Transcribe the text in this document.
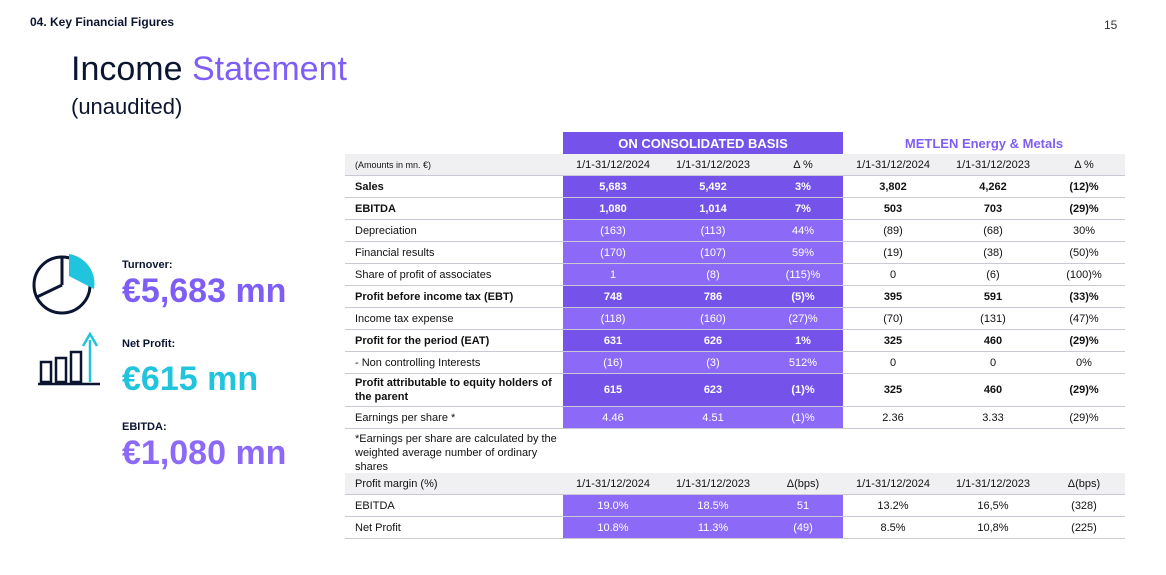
04. Key Financial Figures	15
Income Statement
(unaudited)
Turnover:
€5,683 mn
Net Profit:
€615 mn
EBITDA:
€1,080 mn
ON CONSOLIDATED BASIS	METLEN Energy & Metals
(Amounts in mn. €)	1/1-31/12/2024	1/1-31/12/2023	Δ %	1/1-31/12/2024	1/1-31/12/2023	Δ %
Sales	5,683	5,492	3%	3,802	4,262	(12)%
EBITDA	1,080	1,014	7%	503	703	(29)%
Depreciation	(163)	(113)	44%	(89)	(68)	30%
Financial results	(170)	(107)	59%	(19)	(38)	(50)%
Share of profit of associates	1	(8)	(115)%	0	(6)	(100)%
Profit before income tax (EBT)	748	786	(5)%	395	591	(33)%
Income tax expense	(118)	(160)	(27)%	(70)	(131)	(47)%
Profit for the period (EAT)	631	626	1%	325	460	(29)%
- Non controlling Interests	(16)	(3)	512%	0	0	0%
Profit attributable to equity holders of the parent
615	623	(1)%	325	460	(29)%
Earnings per share *	4.46	4.51	(1)%	2.36	3.33	(29)%
*Earnings per share are calculated by the weighted average number of ordinary shares
Profit margin (%)	1/1-31/12/2024	1/1-31/12/2023	Δ(bps)	1/1-31/12/2024	1/1-31/12/2023	Δ(bps)
EBITDA	19.0%	18.5%	51	13.2%	16,5%	(328)
Net Profit	10.8%	11.3%	(49)	8.5%	10,8%	(225)
